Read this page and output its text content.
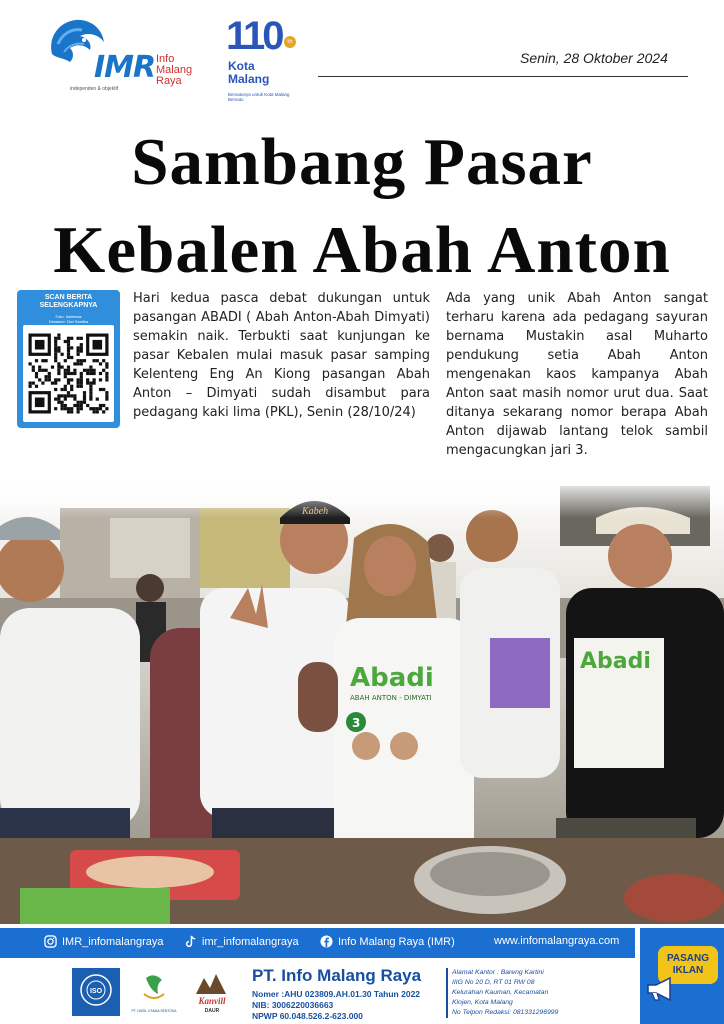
IMR Info
Malang
Raya
independen & objektif
110	th
Kota
Malang
Bersatunya untuk Kota Malang Bersatu
Senin, 28 Oktober 2024
Sambang Pasar
Kebalen Abah Anton
SCAN BERITA
SELENGKAPNYA
Foto: Istimewa
Desainer: Dwi Santika

Hari kedua pasca debat dukungan untuk pasangan ABADI ( Abah Anton-Abah Dimyati) semakin naik. Terbukti saat kunjungan ke pasar Kebalen mulai masuk pasar samping Kelenteng Eng An Kiong pasangan Abah Anton – Dimyati sudah disambut para pedagang kaki lima (PKL), Senin (28/10/24)

Ada yang unik Abah Anton sangat terharu karena ada pedagang sayuran bernama Mustakin asal Muharto pendukung setia Abah Anton mengenakan kaos kampanya Abah Anton saat masih nomor urut dua. Saat ditanya sekarang nomor berapa Abah Anton dijawab lantang telok sambil mengacungkan jari 3.

Abadi
ABAH ANTON - DIMYATI
3
Abadi
IMR_infomalangraya	imr_infomalangraya	Info Malang Raya (IMR)	www.infomalangraya.com
ISO
PT. HASIL UTAMA SENTOSA
Kanvill
DAUR
PT. Info Malang Raya
Nomer :AHU 023809.AH.01.30 Tahun 2022
NIB: 3006220036663
NPWP 60.048.526.2-623.000
Alamat Kantor : Bareng Kartini
IIIG No 20 D, RT 01 RW 08
Kelurahan Kauman, Kecamatan
Klojen, Kota Malang
No Telpon Redaksi: 081331296999
PASANG
IKLAN
